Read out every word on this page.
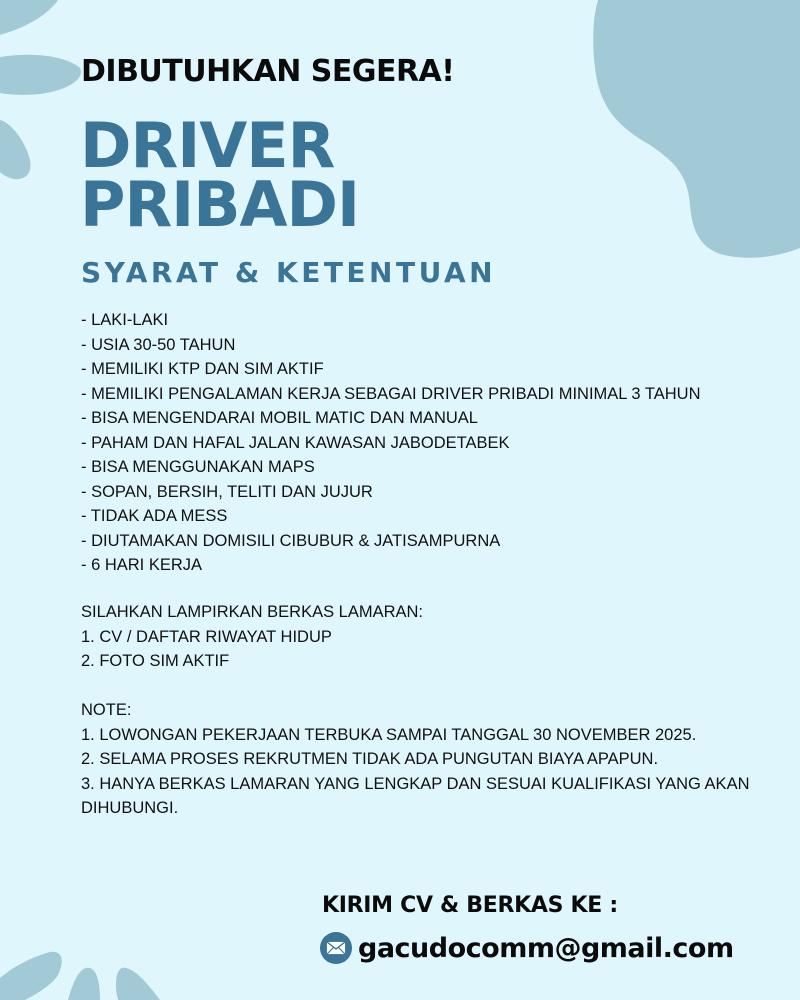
DIBUTUHKAN SEGERA!
DRIVER
PRIBADI
SYARAT & KETENTUAN
- LAKI-LAKI
- USIA 30-50 TAHUN
- MEMILIKI KTP DAN SIM AKTIF
- MEMILIKI PENGALAMAN KERJA SEBAGAI DRIVER PRIBADI MINIMAL 3 TAHUN
- BISA MENGENDARAI MOBIL MATIC DAN MANUAL
- PAHAM DAN HAFAL JALAN KAWASAN JABODETABEK
- BISA MENGGUNAKAN MAPS
- SOPAN, BERSIH, TELITI DAN JUJUR
- TIDAK ADA MESS
- DIUTAMAKAN DOMISILI CIBUBUR & JATISAMPURNA
- 6 HARI KERJA
SILAHKAN LAMPIRKAN BERKAS LAMARAN:
1. CV / DAFTAR RIWAYAT HIDUP
2. FOTO SIM AKTIF
NOTE:
1. LOWONGAN PEKERJAAN TERBUKA SAMPAI TANGGAL 30 NOVEMBER 2025.
2. SELAMA PROSES REKRUTMEN TIDAK ADA PUNGUTAN BIAYA APAPUN.
3. HANYA BERKAS LAMARAN YANG LENGKAP DAN SESUAI KUALIFIKASI YANG AKAN
DIHUBUNGI.
KIRIM CV & BERKAS KE :
gacudocomm@gmail.com
